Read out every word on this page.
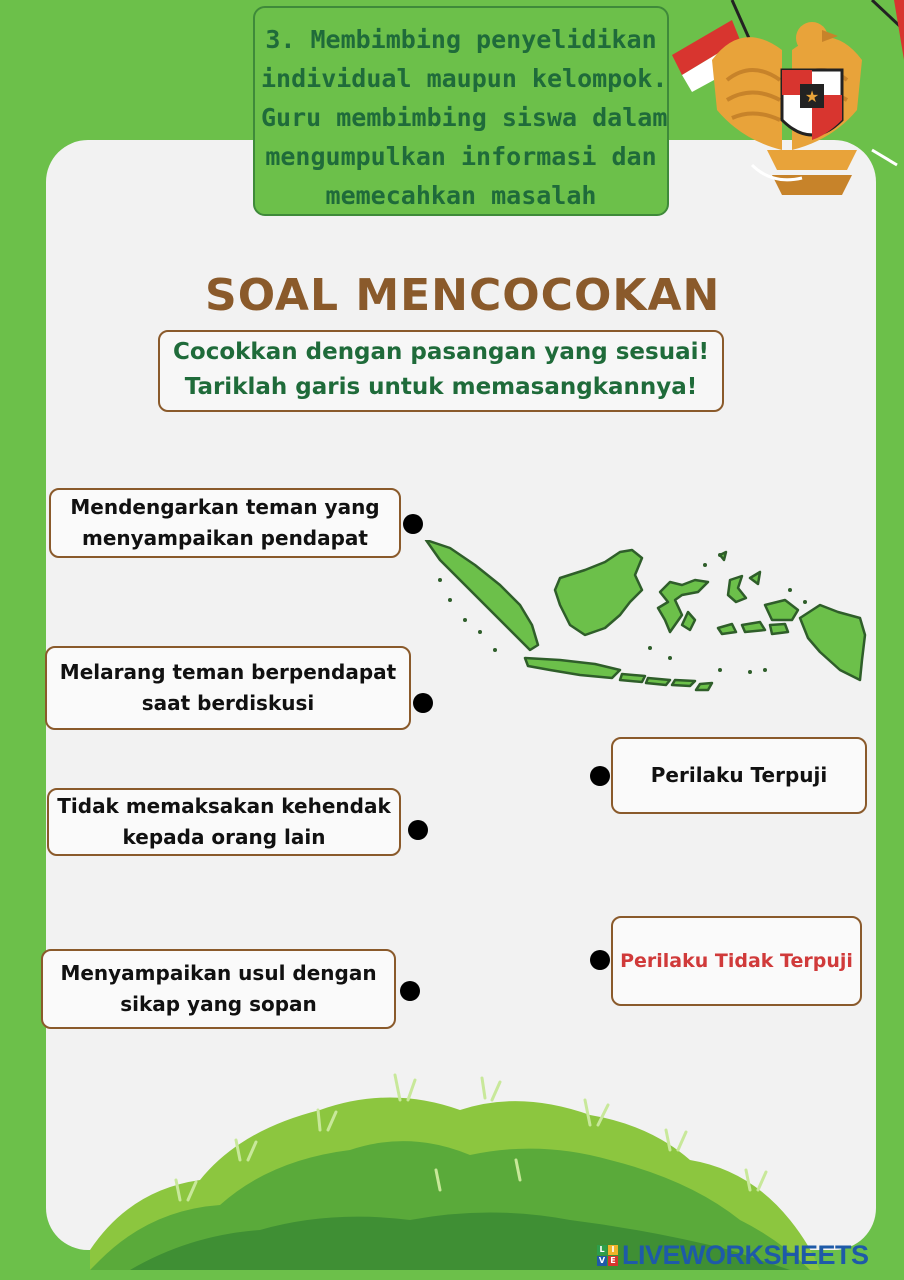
3. Membimbing penyelidikan
individual maupun kelompok.
Guru membimbing siswa dalam
mengumpulkan informasi dan
memecahkan masalah
★
SOAL MENCOCOKAN
Cocokkan dengan pasangan yang sesuai!
Tariklah garis untuk memasangkannya!
Mendengarkan teman yang
menyampaikan pendapat
Melarang teman berpendapat
saat berdiskusi
Tidak memaksakan kehendak
kepada orang lain
Menyampaikan usul dengan
sikap yang sopan
Perilaku Terpuji
Perilaku Tidak Terpuji
L I
V E LIVEWORKSHEETS
